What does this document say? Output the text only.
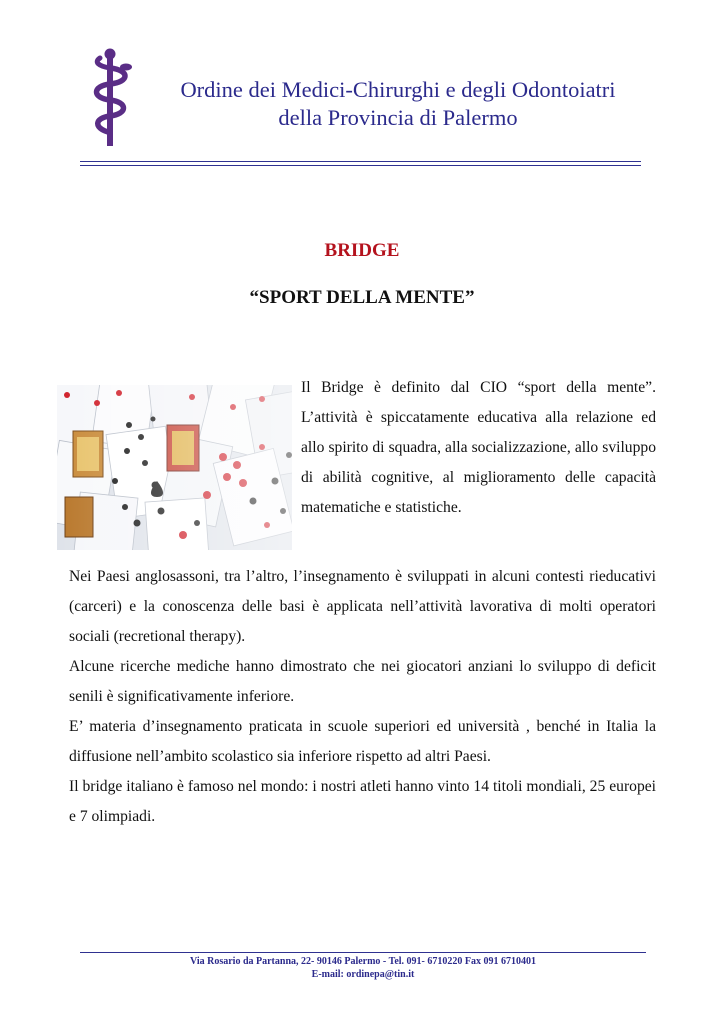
Ordine dei Medici-Chirurghi e degli Odontoiatri
della Provincia di Palermo
BRIDGE
“SPORT DELLA MENTE”

Il Bridge è definito dal CIO “sport della mente”. L’attività è spiccatamente educativa alla relazione ed allo spirito di squadra, alla socializzazione, allo sviluppo di abilità cognitive, al miglioramento delle capacità matematiche e statistiche.

Nei Paesi anglosassoni, tra l’altro, l’insegnamento è sviluppati in alcuni contesti rieducativi (carceri) e la conoscenza delle basi è applicata nell’attività lavorativa di molti operatori sociali (recretional therapy).

Alcune ricerche mediche hanno dimostrato che nei giocatori anziani lo sviluppo di deficit senili è significativamente inferiore.

E’ materia d’insegnamento praticata in scuole superiori ed università , benché in Italia la diffusione nell’ambito scolastico sia inferiore rispetto ad altri Paesi.

Il bridge italiano è famoso nel mondo: i nostri atleti hanno vinto 14 titoli mondiali, 25 europei e 7 olimpiadi.

Via Rosario da Partanna, 22- 90146 Palermo - Tel. 091- 6710220 Fax 091 6710401
E-mail: ordinepa@tin.it
